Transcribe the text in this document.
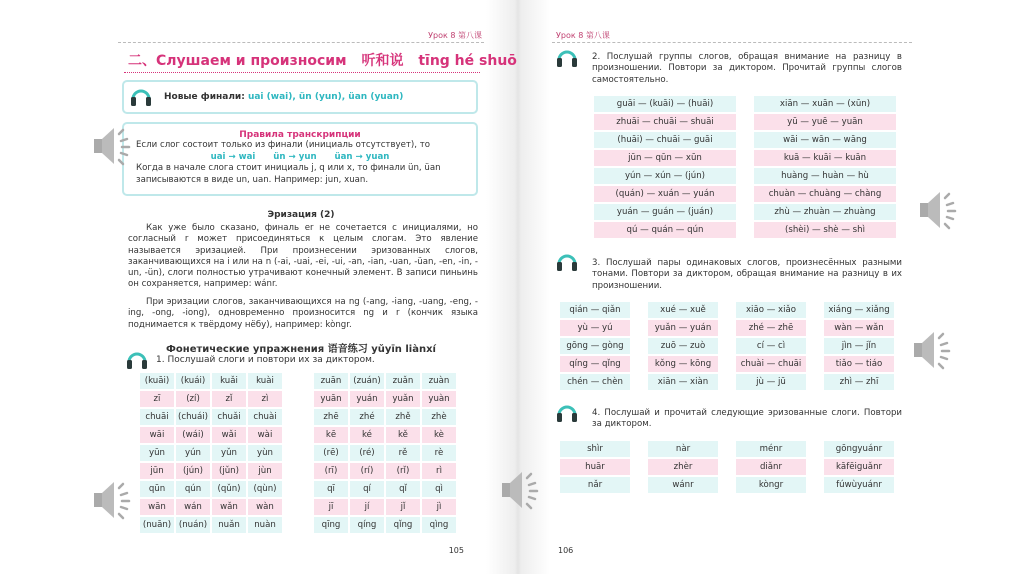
Урок 8 第八课
二、Слушаем и произносим 听和说 tīng hé shuō
Новые финали: uai (wai), ün (yun), üan (yuan)
Правила транскрипции
Если слог состоит только из финали (инициаль отсутствует), то
uai → wai      ün → yun      üan → yuan
Когда в начале слога стоит инициаль j, q или x, то финали ün, üan записываются в виде un, uan. Например: jun, xuan.
Эризация (2)
Как уже было сказано, финаль er не сочетается с инициалями, но согласный r может присоединяться к целым слогам. Это явление называется эризацией. При произнесении эризованных слогов, заканчивающихся на i или на n (-ai, -uai, -ei, -ui, -an, -ian, -uan, -üan, -en, -in, -un, -ün), слоги полностью утрачивают конечный элемент. В записи пиньинь он сохраняется, например: wánr.
При эризации слогов, заканчивающихся на ng (-ang, -iang, -uang, -eng, -ing, -ong, -iong), одновременно произносится ng и r (кончик языка поднимается к твёрдому нёбу), например: kòngr.
Фонетические упражнения 语音练习 yǔyīn liànxí
1. Послушай слоги и повтори их за диктором.
(kuāi)	(kuái)	kuǎi	kuài
zī	(zí)	zǐ	zì
chuāi	(chuái)	chuǎi	chuài
wāi	(wái)	wǎi	wài
yūn	yún	yǔn	yùn
jūn	(jún)	(jǔn)	jùn
qūn	qún	(qǔn)	(qùn)
wān	wán	wǎn	wàn
(nuān) (nuán)	nuǎn	nuàn
zuān	(zuán)	zuǎn	zuàn
yuān	yuán	yuǎn	yuàn
zhē	zhé	zhě	zhè
kē	ké	kě	kè
(rē)	(ré)	rě	rè
(rī)	(rí)	(rǐ)	rì
qī	qí	qǐ	qì
jī	jí	jǐ	jì
qīng	qíng	qǐng	qìng
105
Урок 8 第八课
2. Послушай группы слогов, обращая внимание на разницу в произношении. Повтори за диктором. Прочитай группы слогов самостоятельно.
guāi — (kuāi) — (huāi)	xiān — xuān — (xūn)
zhuāi — chuāi — shuāi	yū — yuē — yuān
(huāi) — chuāi — guāi	wāi — wān — wāng
jūn — qūn — xūn	kuā — kuāi — kuān
yún — xún — (jún)	huàng — huàn — hù
(quán) — xuán — yuán	chuàn — chuàng — chàng
yuán — guán — (juán)	zhù — zhuàn — zhuàng
qú — quán — qún	(shèi) — shè — shì
3. Послушай пары одинаковых слогов, произнесённых разными тонами. Повтори за диктором, обращая внимание на разницу в их произношении.
qián — qiǎn	xué — xuě	xiāo — xiǎo	xiáng — xiǎng
yù — yú	yuǎn — yuán	zhé — zhē	wàn — wǎn
gōng — gòng	zuō — zuò	cí — cì	jìn — jǐn
qíng — qǐng	kǒng — kōng	chuài — chuāi	tiǎo — tiáo
chén — chèn	xiān — xiàn	jù — jū	zhì — zhī
4. Послушай и прочитай следующие эризованные слоги. Повтори за диктором.
shìr	nàr	ménr	gōngyuánr
huār	zhèr	diǎnr	kāfēiguǎnr
nǎr	wánr	kòngr	fúwùyuánr
106
